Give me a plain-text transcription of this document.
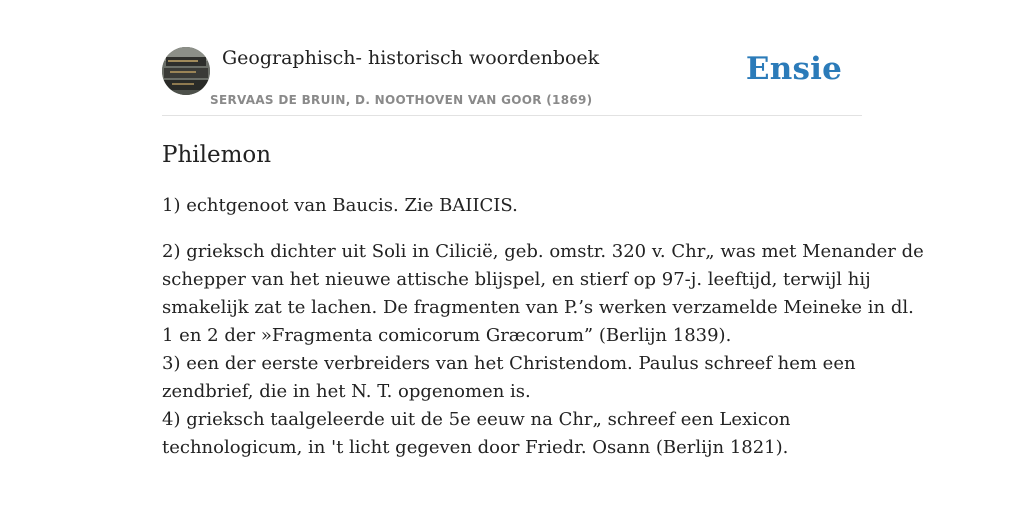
Geographisch- historisch woordenboek
SERVAAS DE BRUIN, D. NOOTHOVEN VAN GOOR (1869)
Ensie
Philemon
1) echtgenoot van Baucis. Zie BAIICIS.
2) grieksch dichter uit Soli in Cilicië, geb. omstr. 320 v. Chr„ was met Menander de
schepper van het nieuwe attische blijspel, en stierf op 97-j. leeftijd, terwijl hij
smakelijk zat te lachen. De fragmenten van P.’s werken verzamelde Meineke in dl.
1 en 2 der »Fragmenta comicorum Græcorum” (Berlijn 1839).
3) een der eerste verbreiders van het Christendom. Paulus schreef hem een
zendbrief, die in het N. T. opgenomen is.
4) grieksch taalgeleerde uit de 5e eeuw na Chr„ schreef een Lexicon
technologicum, in 't licht gegeven door Friedr. Osann (Berlijn 1821).
